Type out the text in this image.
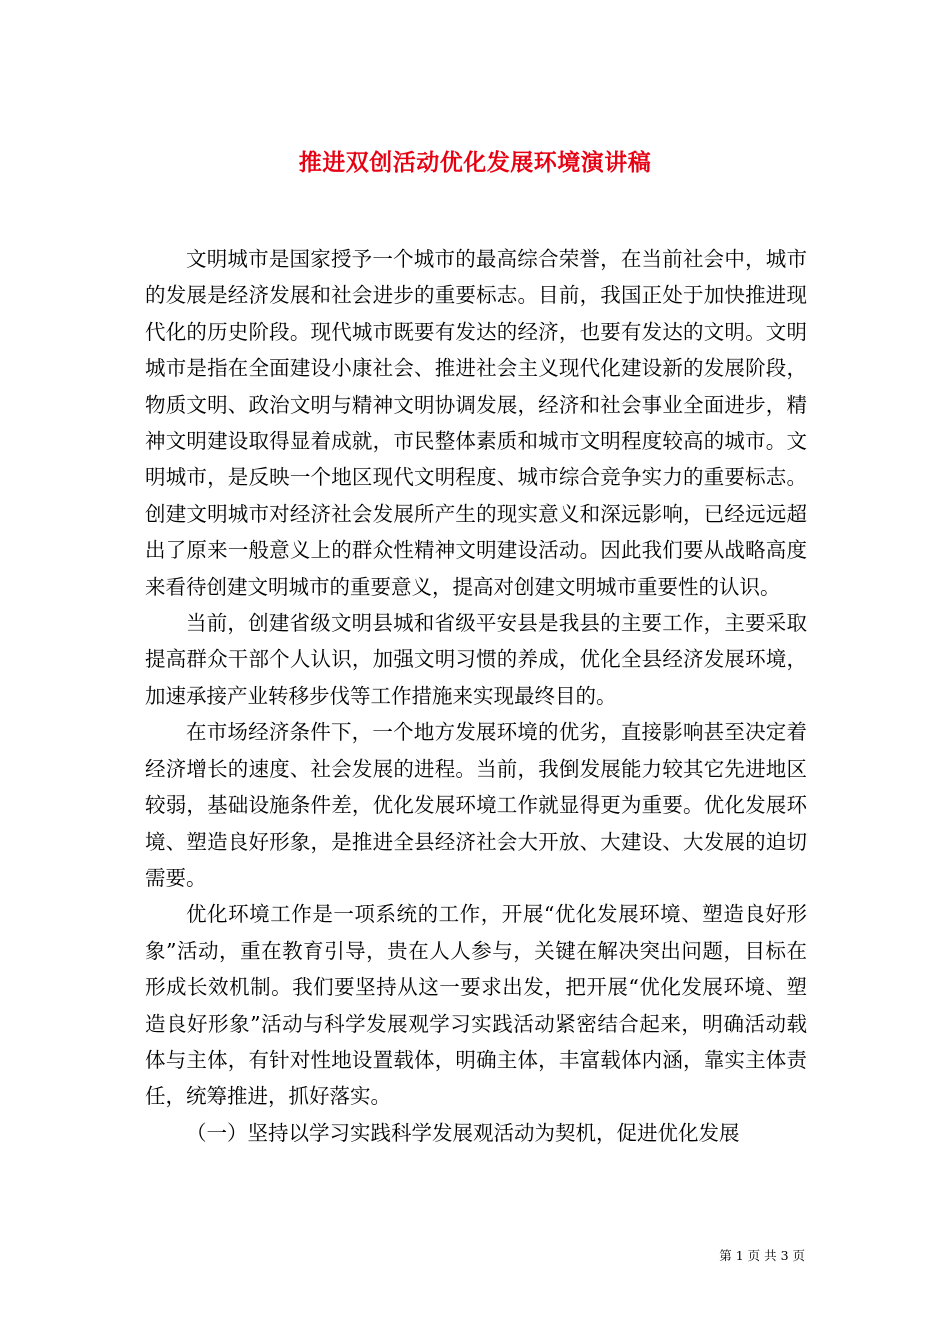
推进双创活动优化发展环境演讲稿

文明城市是国家授予一个城市的最高综合荣誉，在当前社会中，城市的发展是经济发展和社会进步的重要标志。目前，我国正处于加快推进现代化的历史阶段。现代城市既要有发达的经济，也要有发达的文明。文明城市是指在全面建设小康社会、推进社会主义现代化建设新的发展阶段，物质文明、政治文明与精神文明协调发展，经济和社会事业全面进步，精神文明建设取得显着成就，市民整体素质和城市文明程度较高的城市。文明城市，是反映一个地区现代文明程度、城市综合竞争实力的重要标志。创建文明城市对经济社会发展所产生的现实意义和深远影响，已经远远超出了原来一般意义上的群众性精神文明建设活动。因此我们要从战略高度来看待创建文明城市的重要意义，提高对创建文明城市重要性的认识。

当前，创建省级文明县城和省级平安县是我县的主要工作，主要采取提高群众干部个人认识，加强文明习惯的养成，优化全县经济发展环境，加速承接产业转移步伐等工作措施来实现最终目的。

在市场经济条件下，一个地方发展环境的优劣，直接影响甚至决定着经济增长的速度、社会发展的进程。当前，我倒发展能力较其它先进地区较弱，基础设施条件差，优化发展环境工作就显得更为重要。优化发展环境、塑造良好形象，是推进全县经济社会大开放、大建设、大发展的迫切需要。

优化环境工作是一项系统的工作，开展“优化发展环境、塑造良好形象”活动，重在教育引导，贵在人人参与，关键在解决突出问题，目标在形成长效机制。我们要坚持从这一要求出发，把开展“优化发展环境、塑造良好形象”活动与科学发展观学习实践活动紧密结合起来，明确活动载体与主体，有针对性地设置载体，明确主体，丰富载体内涵，靠实主体责任，统筹推进，抓好落实。

（一）坚持以学习实践科学发展观活动为契机，促进优化发展

第 1 页 共 3 页
